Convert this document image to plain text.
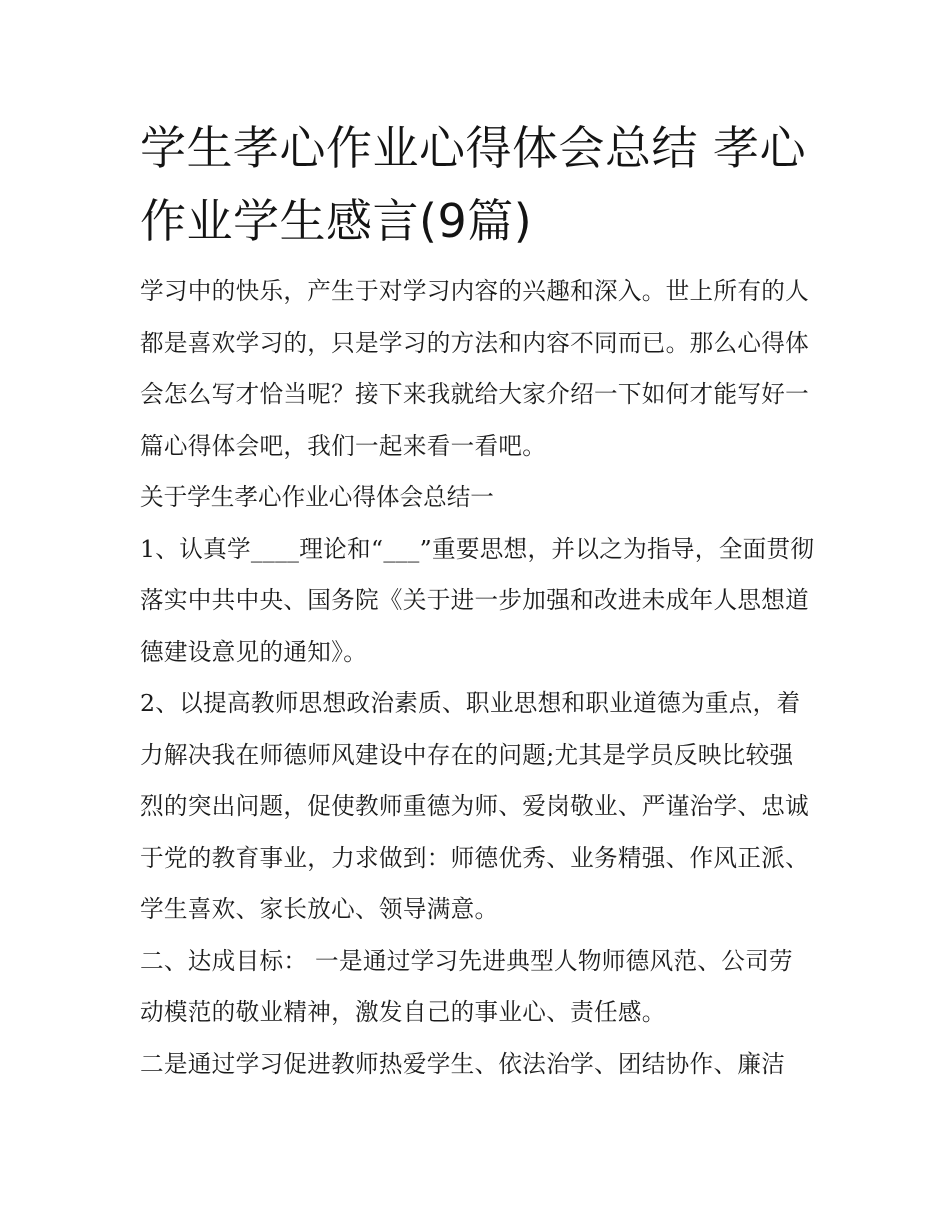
学生孝心作业心得体会总结 孝心作业学生感言(9篇)

学习中的快乐，产生于对学习内容的兴趣和深入。世上所有的人都是喜欢学习的，只是学习的方法和内容不同而已。那么心得体会怎么写才恰当呢？接下来我就给大家介绍一下如何才能写好一篇心得体会吧，我们一起来看一看吧。

关于学生孝心作业心得体会总结一

1、认真学____理论和“___”重要思想，并以之为指导，全面贯彻落实中共中央、国务院《关于进一步加强和改进未成年人思想道德建设意见的通知》。

2、以提高教师思想政治素质、职业思想和职业道德为重点，着力解决我在师德师风建设中存在的问题;尤其是学员反映比较强烈的突出问题，促使教师重德为师、爱岗敬业、严谨治学、忠诚于党的教育事业，力求做到：师德优秀、业务精强、作风正派、学生喜欢、家长放心、领导满意。

二、达成目标： 一是通过学习先进典型人物师德风范、公司劳动模范的敬业精神，激发自己的事业心、责任感。

二是通过学习促进教师热爱学生、依法治学、团结协作、廉洁
